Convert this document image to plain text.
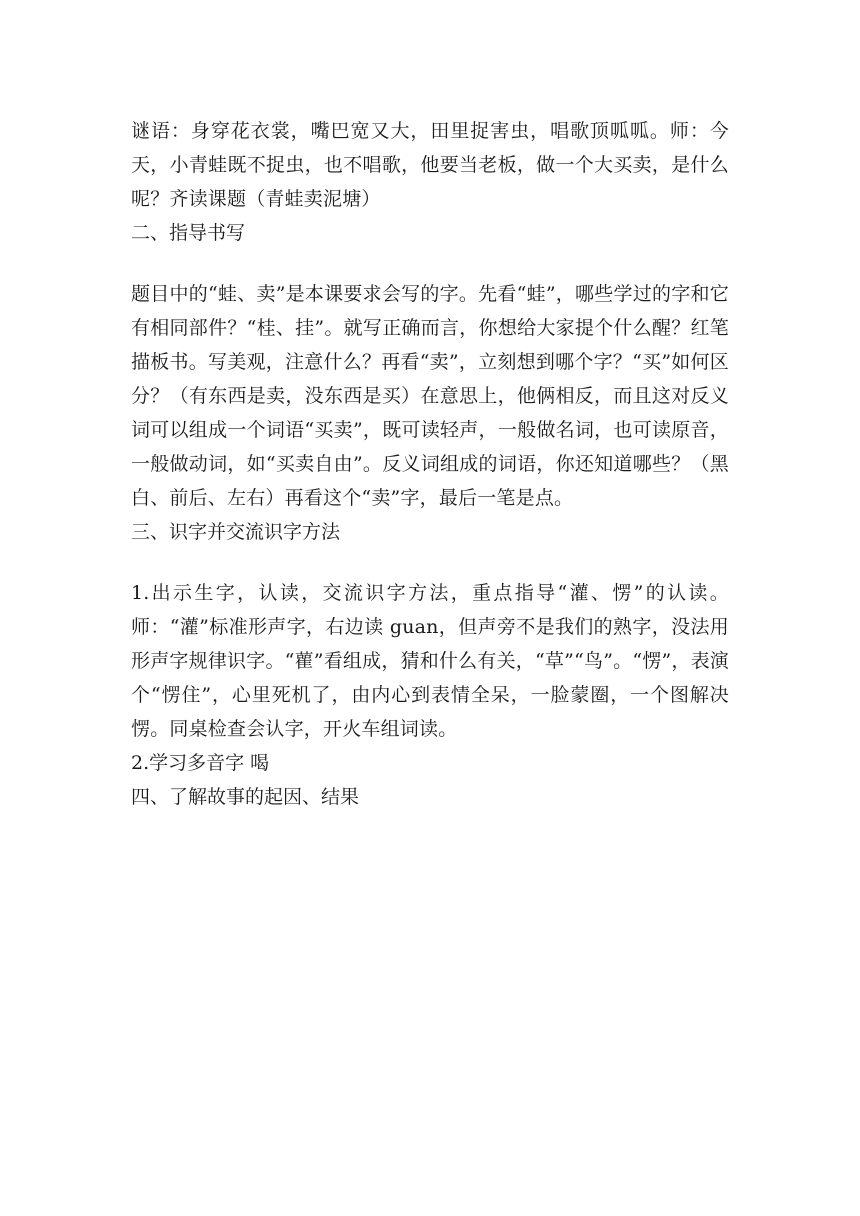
谜语：身穿花衣裳，嘴巴宽又大，田里捉害虫，唱歌顶呱呱。师：今天，小青蛙既不捉虫，也不唱歌，他要当老板，做一个大买卖，是什么呢？齐读课题（青蛙卖泥塘）

二、指导书写

题目中的“蛙、卖”是本课要求会写的字。先看“蛙”，哪些学过的字和它有相同部件？“桂、挂”。就写正确而言，你想给大家提个什么醒？红笔描板书。写美观，注意什么？再看“卖”，立刻想到哪个字？“买”如何区分？（有东西是卖，没东西是买）在意思上，他俩相反，而且这对反义词可以组成一个词语“买卖”，既可读轻声，一般做名词，也可读原音，一般做动词，如“买卖自由”。反义词组成的词语，你还知道哪些？（黑白、前后、左右）再看这个“卖”字，最后一笔是点。

三、识字并交流识字方法

1.出示生字，认读，交流识字方法，重点指导“灌、愣”的认读。师：“灌”标准形声字，右边读 guan，但声旁不是我们的熟字，没法用形声字规律识字。“雚”看组成，猜和什么有关，“草”“鸟”。“愣”，表演个“愣住”，心里死机了，由内心到表情全呆，一脸蒙圈，一个图解决愣。同桌检查会认字，开火车组词读。

2.学习多音字 喝

四、了解故事的起因、结果
